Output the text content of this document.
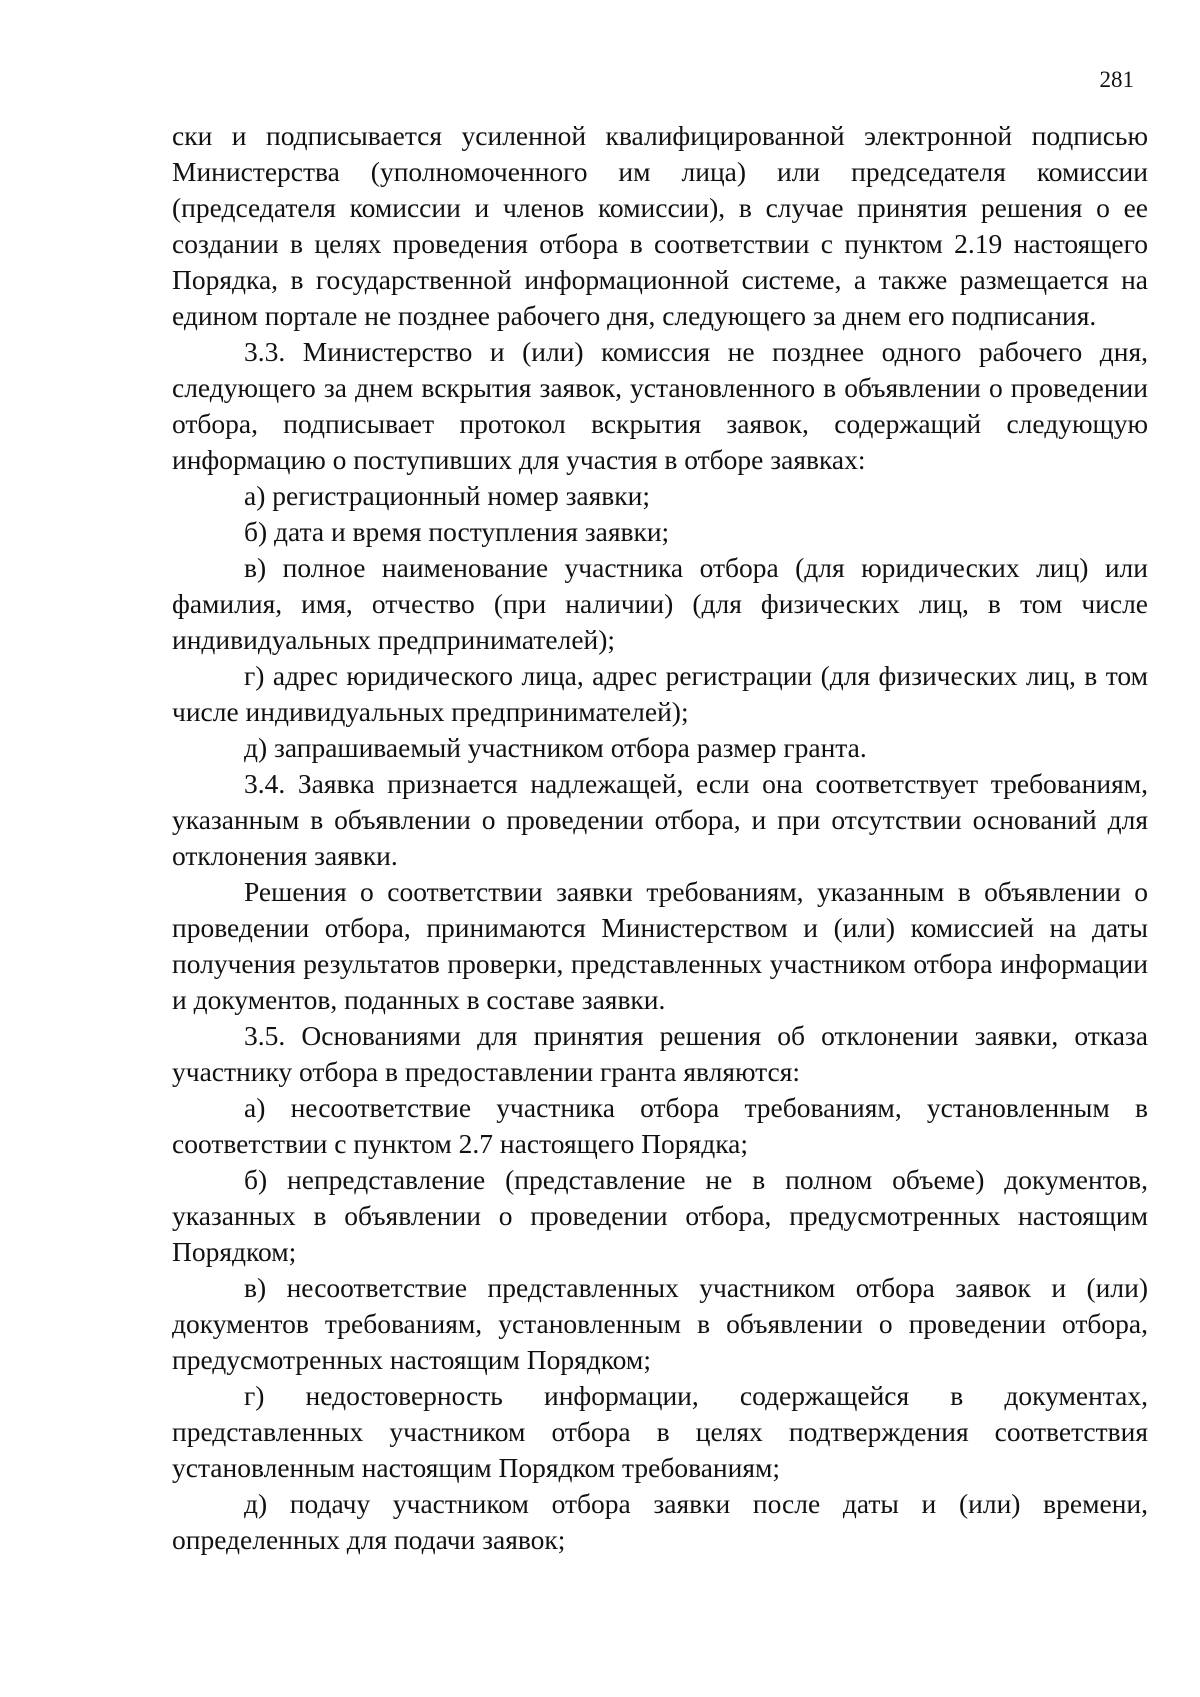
281

ски и подписывается усиленной квалифицированной электронной подписью Министерства (уполномоченного им лица) или председателя комиссии (председателя комиссии и членов комиссии), в случае принятия решения о ее создании в целях проведения отбора в соответствии с пунктом 2.19 настоящего Порядка, в государственной информационной системе, а также размещается на едином портале не позднее рабочего дня, следующего за днем его подписания.

3.3. Министерство и (или) комиссия не позднее одного рабочего дня, следующего за днем вскрытия заявок, установленного в объявлении о проведении отбора, подписывает протокол вскрытия заявок, содержащий следующую информацию о поступивших для участия в отборе заявках:

а) регистрационный номер заявки;

б) дата и время поступления заявки;

в) полное наименование участника отбора (для юридических лиц) или фамилия, имя, отчество (при наличии) (для физических лиц, в том числе индивидуальных предпринимателей);

г) адрес юридического лица, адрес регистрации (для физических лиц, в том числе индивидуальных предпринимателей);

д) запрашиваемый участником отбора размер гранта.

3.4. Заявка признается надлежащей, если она соответствует требованиям, указанным в объявлении о проведении отбора, и при отсутствии оснований для отклонения заявки.

Решения о соответствии заявки требованиям, указанным в объявлении о проведении отбора, принимаются Министерством и (или) комиссией на даты получения результатов проверки, представленных участником отбора информации и документов, поданных в составе заявки.

3.5. Основаниями для принятия решения об отклонении заявки, отказа участнику отбора в предоставлении гранта являются:

а) несоответствие участника отбора требованиям, установленным в соответствии с пунктом 2.7 настоящего Порядка;

б) непредставление (представление не в полном объеме) документов, указанных в объявлении о проведении отбора, предусмотренных настоящим Порядком;

в) несоответствие представленных участником отбора заявок и (или) документов требованиям, установленным в объявлении о проведении отбора, предусмотренных настоящим Порядком;

г) недостоверность информации, содержащейся в документах, представленных участником отбора в целях подтверждения соответствия установленным настоящим Порядком требованиям;

д) подачу участником отбора заявки после даты и (или) времени, определенных для подачи заявок;
